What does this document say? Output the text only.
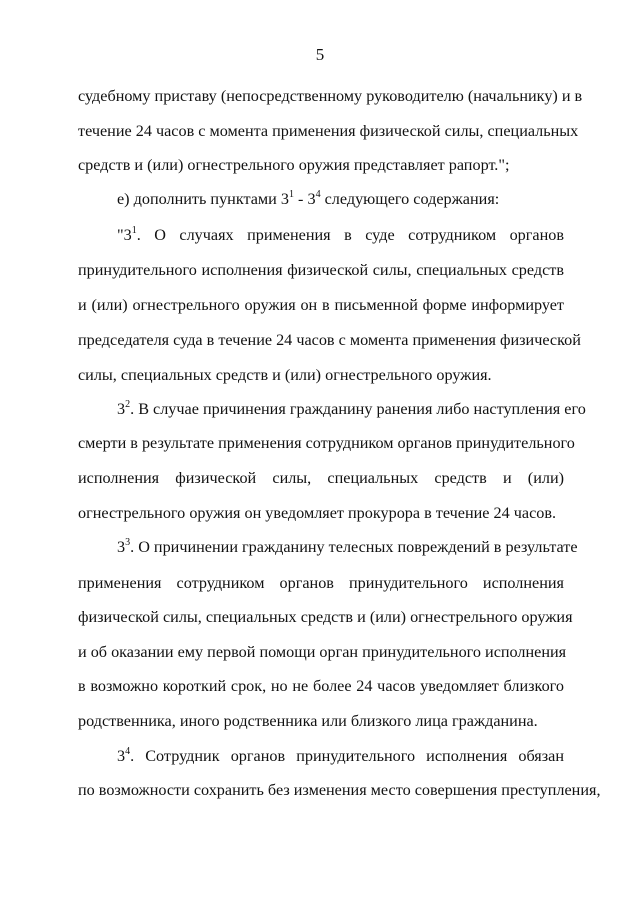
5
судебному приставу (непосредственному руководителю (начальнику) и в
течение 24 часов с момента применения физической силы, специальных
средств и (или) огнестрельного оружия представляет рапорт.";
е) дополнить пунктами $3^1 - 3^4$ следующего содержания:
"$3^1$. О случаях применения в суде сотрудником органов
принудительного исполнения физической силы, специальных средств
и (или) огнестрельного оружия он в письменной форме информирует
председателя суда в течение 24 часов с момента применения физической
силы, специальных средств и (или) огнестрельного оружия.
$3^2$. В случае причинения гражданину ранения либо наступления его
смерти в результате применения сотрудником органов принудительного
исполнения физической силы, специальных средств и (или)
огнестрельного оружия он уведомляет прокурора в течение 24 часов.
$3^3$. О причинении гражданину телесных повреждений в результате
применения сотрудником органов принудительного исполнения
физической силы, специальных средств и (или) огнестрельного оружия
и об оказании ему первой помощи орган принудительного исполнения
в возможно короткий срок, но не более 24 часов уведомляет близкого
родственника, иного родственника или близкого лица гражданина.
$3^4$. Сотрудник органов принудительного исполнения обязан
по возможности сохранить без изменения место совершения преступления,
